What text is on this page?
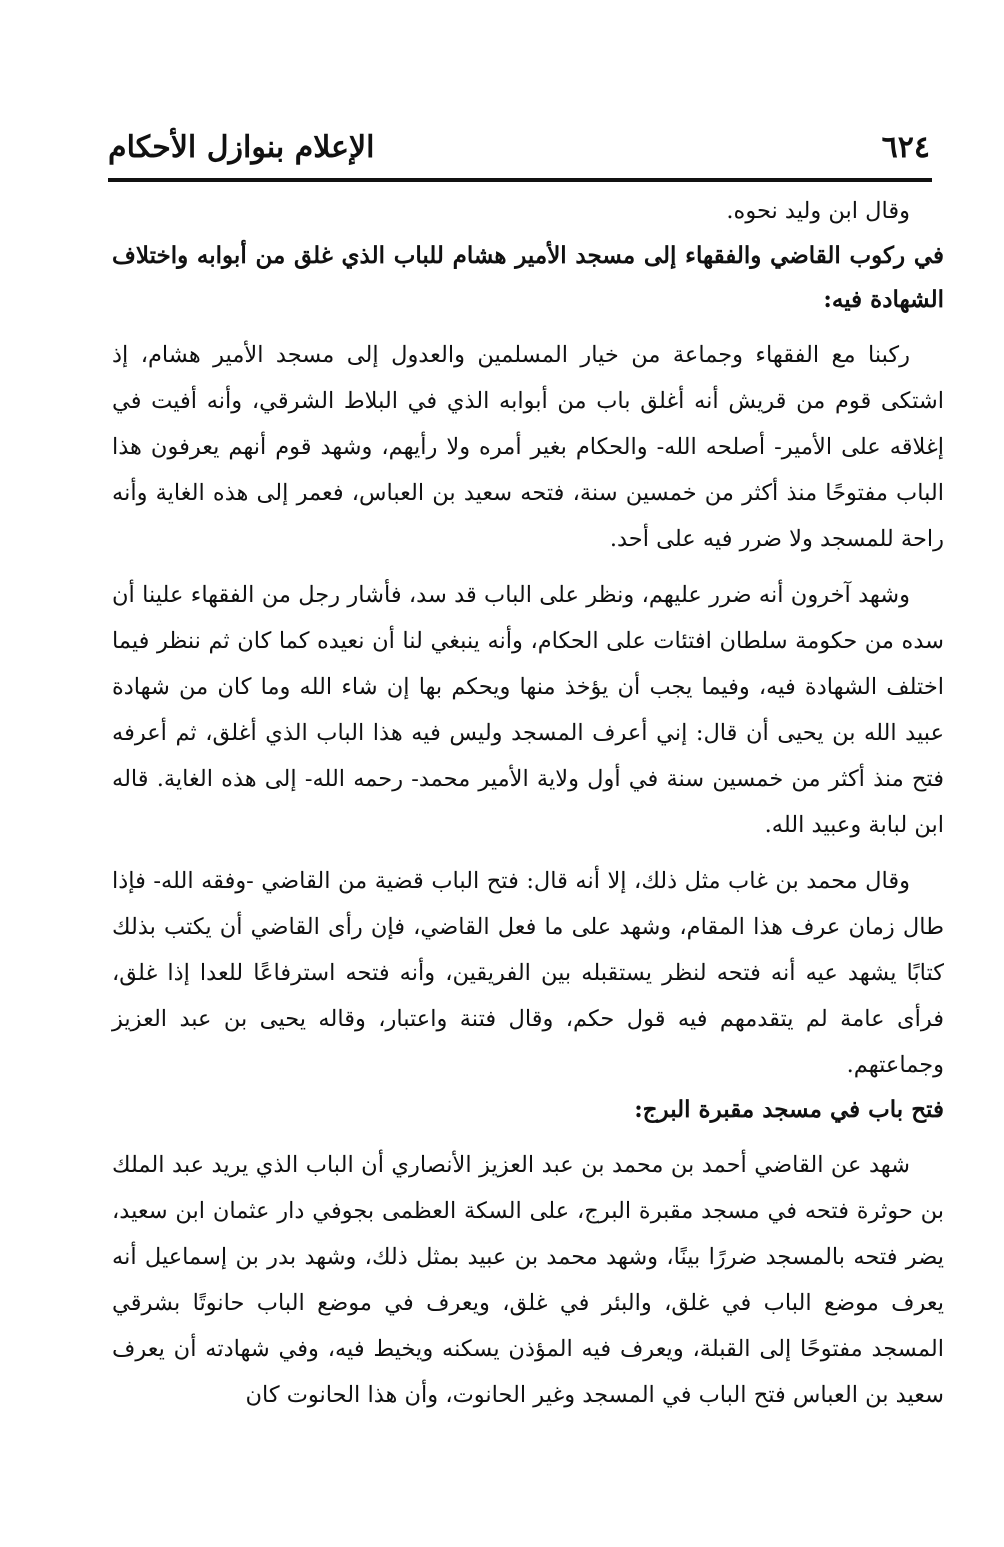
٦٢٤
الإعلام بنوازل الأحكام

وقال ابن وليد نحوه.

في ركوب القاضي والفقهاء إلى مسجد الأمير هشام للباب الذي غلق من أبوابه واختلاف الشهادة فيه:

ركبنا مع الفقهاء وجماعة من خيار المسلمين والعدول إلى مسجد الأمير هشام، إذ اشتكى قوم من قريش أنه أغلق باب من أبوابه الذي في البلاط الشرقي، وأنه أفيت في إغلاقه على الأمير- أصلحه الله- والحكام بغير أمره ولا رأيهم، وشهد قوم أنهم يعرفون هذا الباب مفتوحًا منذ أكثر من خمسين سنة، فتحه سعيد بن العباس، فعمر إلى هذه الغاية وأنه راحة للمسجد ولا ضرر فيه على أحد.

وشهد آخرون أنه ضرر عليهم، ونظر على الباب قد سد، فأشار رجل من الفقهاء علينا أن سده من حكومة سلطان افتئات على الحكام، وأنه ينبغي لنا أن نعيده كما كان ثم ننظر فيما اختلف الشهادة فيه، وفيما يجب أن يؤخذ منها ويحكم بها إن شاء الله وما كان من شهادة عبيد الله بن يحيى أن قال: إني أعرف المسجد وليس فيه هذا الباب الذي أغلق، ثم أعرفه فتح منذ أكثر من خمسين سنة في أول ولاية الأمير محمد- رحمه الله- إلى هذه الغاية. قاله ابن لبابة وعبيد الله.

وقال محمد بن غاب مثل ذلك، إلا أنه قال: فتح الباب قضية من القاضي -وفقه الله- فإذا طال زمان عرف هذا المقام، وشهد على ما فعل القاضي، فإن رأى القاضي أن يكتب بذلك كتابًا يشهد عيه أنه فتحه لنظر يستقبله بين الفريقين، وأنه فتحه استرفاعًا للعدا إذا غلق، فرأى عامة لم يتقدمهم فيه قول حكم، وقال فتنة واعتبار، وقاله يحيى بن عبد العزيز وجماعتهم.

فتح باب في مسجد مقبرة البرج:

شهد عن القاضي أحمد بن محمد بن عبد العزيز الأنصاري أن الباب الذي يريد عبد الملك بن حوثرة فتحه في مسجد مقبرة البرج، على السكة العظمى بجوفي دار عثمان ابن سعيد، يضر فتحه بالمسجد ضررًا بينًا، وشهد محمد بن عبيد بمثل ذلك، وشهد بدر بن إسماعيل أنه يعرف موضع الباب في غلق، والبئر في غلق، ويعرف في موضع الباب حانوتًا بشرقي المسجد مفتوحًا إلى القبلة، ويعرف فيه المؤذن يسكنه ويخيط فيه، وفي شهادته أن يعرف سعيد بن العباس فتح الباب في المسجد وغير الحانوت، وأن هذا الحانوت كان
